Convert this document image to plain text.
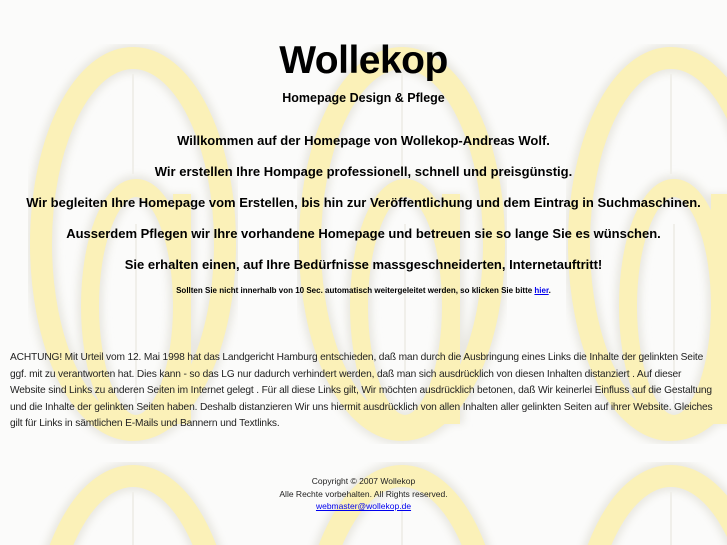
Wollekop
Homepage Design & Pflege

Willkommen auf der Homepage von Wollekop-Andreas Wolf.

Wir erstellen Ihre Hompage professionell, schnell und preisgünstig.

Wir begleiten Ihre Homepage vom Erstellen, bis hin zur Veröffentlichung und dem Eintrag in Suchmaschinen.

Ausserdem Pflegen wir Ihre vorhandene Homepage und betreuen sie so lange Sie es wünschen.

Sie erhalten einen, auf Ihre Bedürfnisse massgeschneiderten, Internetauftritt!

Sollten Sie nicht innerhalb von 10 Sec. automatisch weitergeleitet werden, so klicken Sie bitte hier.

ACHTUNG! Mit Urteil vom 12. Mai 1998 hat das Landgericht Hamburg entschieden, daß man durch die Ausbringung eines Links die Inhalte der gelinkten Seite ggf. mit zu verantworten hat. Dies kann - so das LG nur dadurch verhindert werden, daß man sich ausdrücklich von diesen Inhalten distanziert . Auf dieser Website sind Links zu anderen Seiten im Internet gelegt . Für all diese Links gilt, Wir möchten ausdrücklich betonen, daß Wir keinerlei Einfluss auf die Gestaltung und die Inhalte der gelinkten Seiten haben. Deshalb distanzieren Wir uns hiermit ausdrücklich von allen Inhalten aller gelinkten Seiten auf ihrer Website. Gleiches gilt für Links in sämtlichen E-Mails und Bannern und Textlinks.

Copyright © 2007 Wollekop
Alle Rechte vorbehalten. All Rights reserved.
webmaster@wollekop.de
